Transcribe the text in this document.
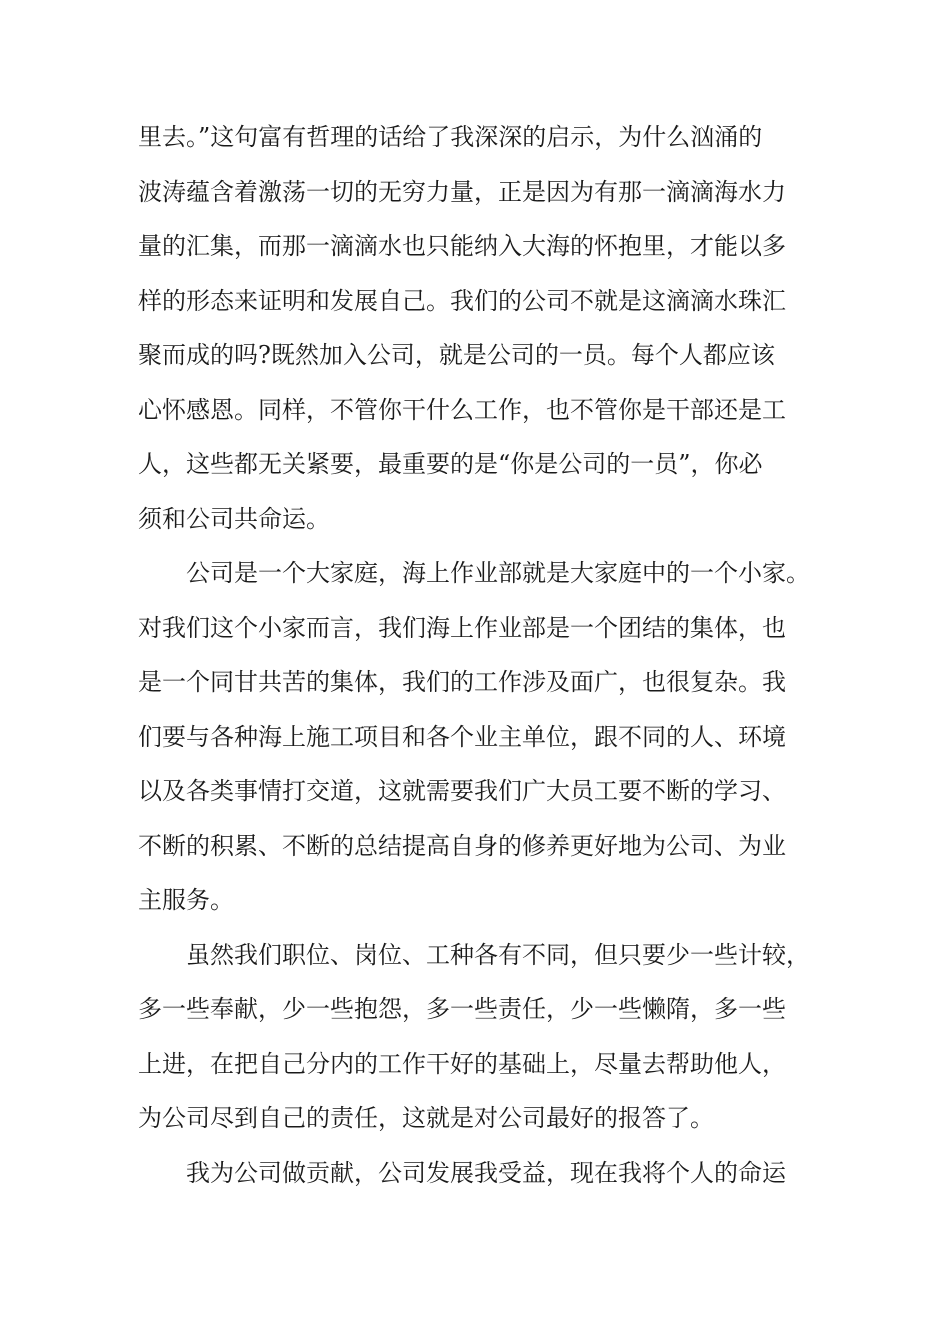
里去。”这句富有哲理的话给了我深深的启示，为什么汹涌的
波涛蕴含着激荡一切的无穷力量，正是因为有那一滴滴海水力
量的汇集，而那一滴滴水也只能纳入大海的怀抱里，才能以多
样的形态来证明和发展自己。我们的公司不就是这滴滴水珠汇
聚而成的吗?既然加入公司，就是公司的一员。每个人都应该
心怀感恩。同样，不管你干什么工作，也不管你是干部还是工
人，这些都无关紧要，最重要的是“你是公司的一员”，你必
须和公司共命运。
公司是一个大家庭，海上作业部就是大家庭中的一个小家。
对我们这个小家而言，我们海上作业部是一个团结的集体，也
是一个同甘共苦的集体，我们的工作涉及面广，也很复杂。我
们要与各种海上施工项目和各个业主单位，跟不同的人、环境
以及各类事情打交道，这就需要我们广大员工要不断的学习、
不断的积累、不断的总结提高自身的修养更好地为公司、为业
主服务。
虽然我们职位、岗位、工种各有不同，但只要少一些计较，
多一些奉献，少一些抱怨，多一些责任，少一些懒隋，多一些
上进，在把自己分内的工作干好的基础上，尽量去帮助他人，
为公司尽到自己的责任，这就是对公司最好的报答了。
我为公司做贡献，公司发展我受益，现在我将个人的命运
